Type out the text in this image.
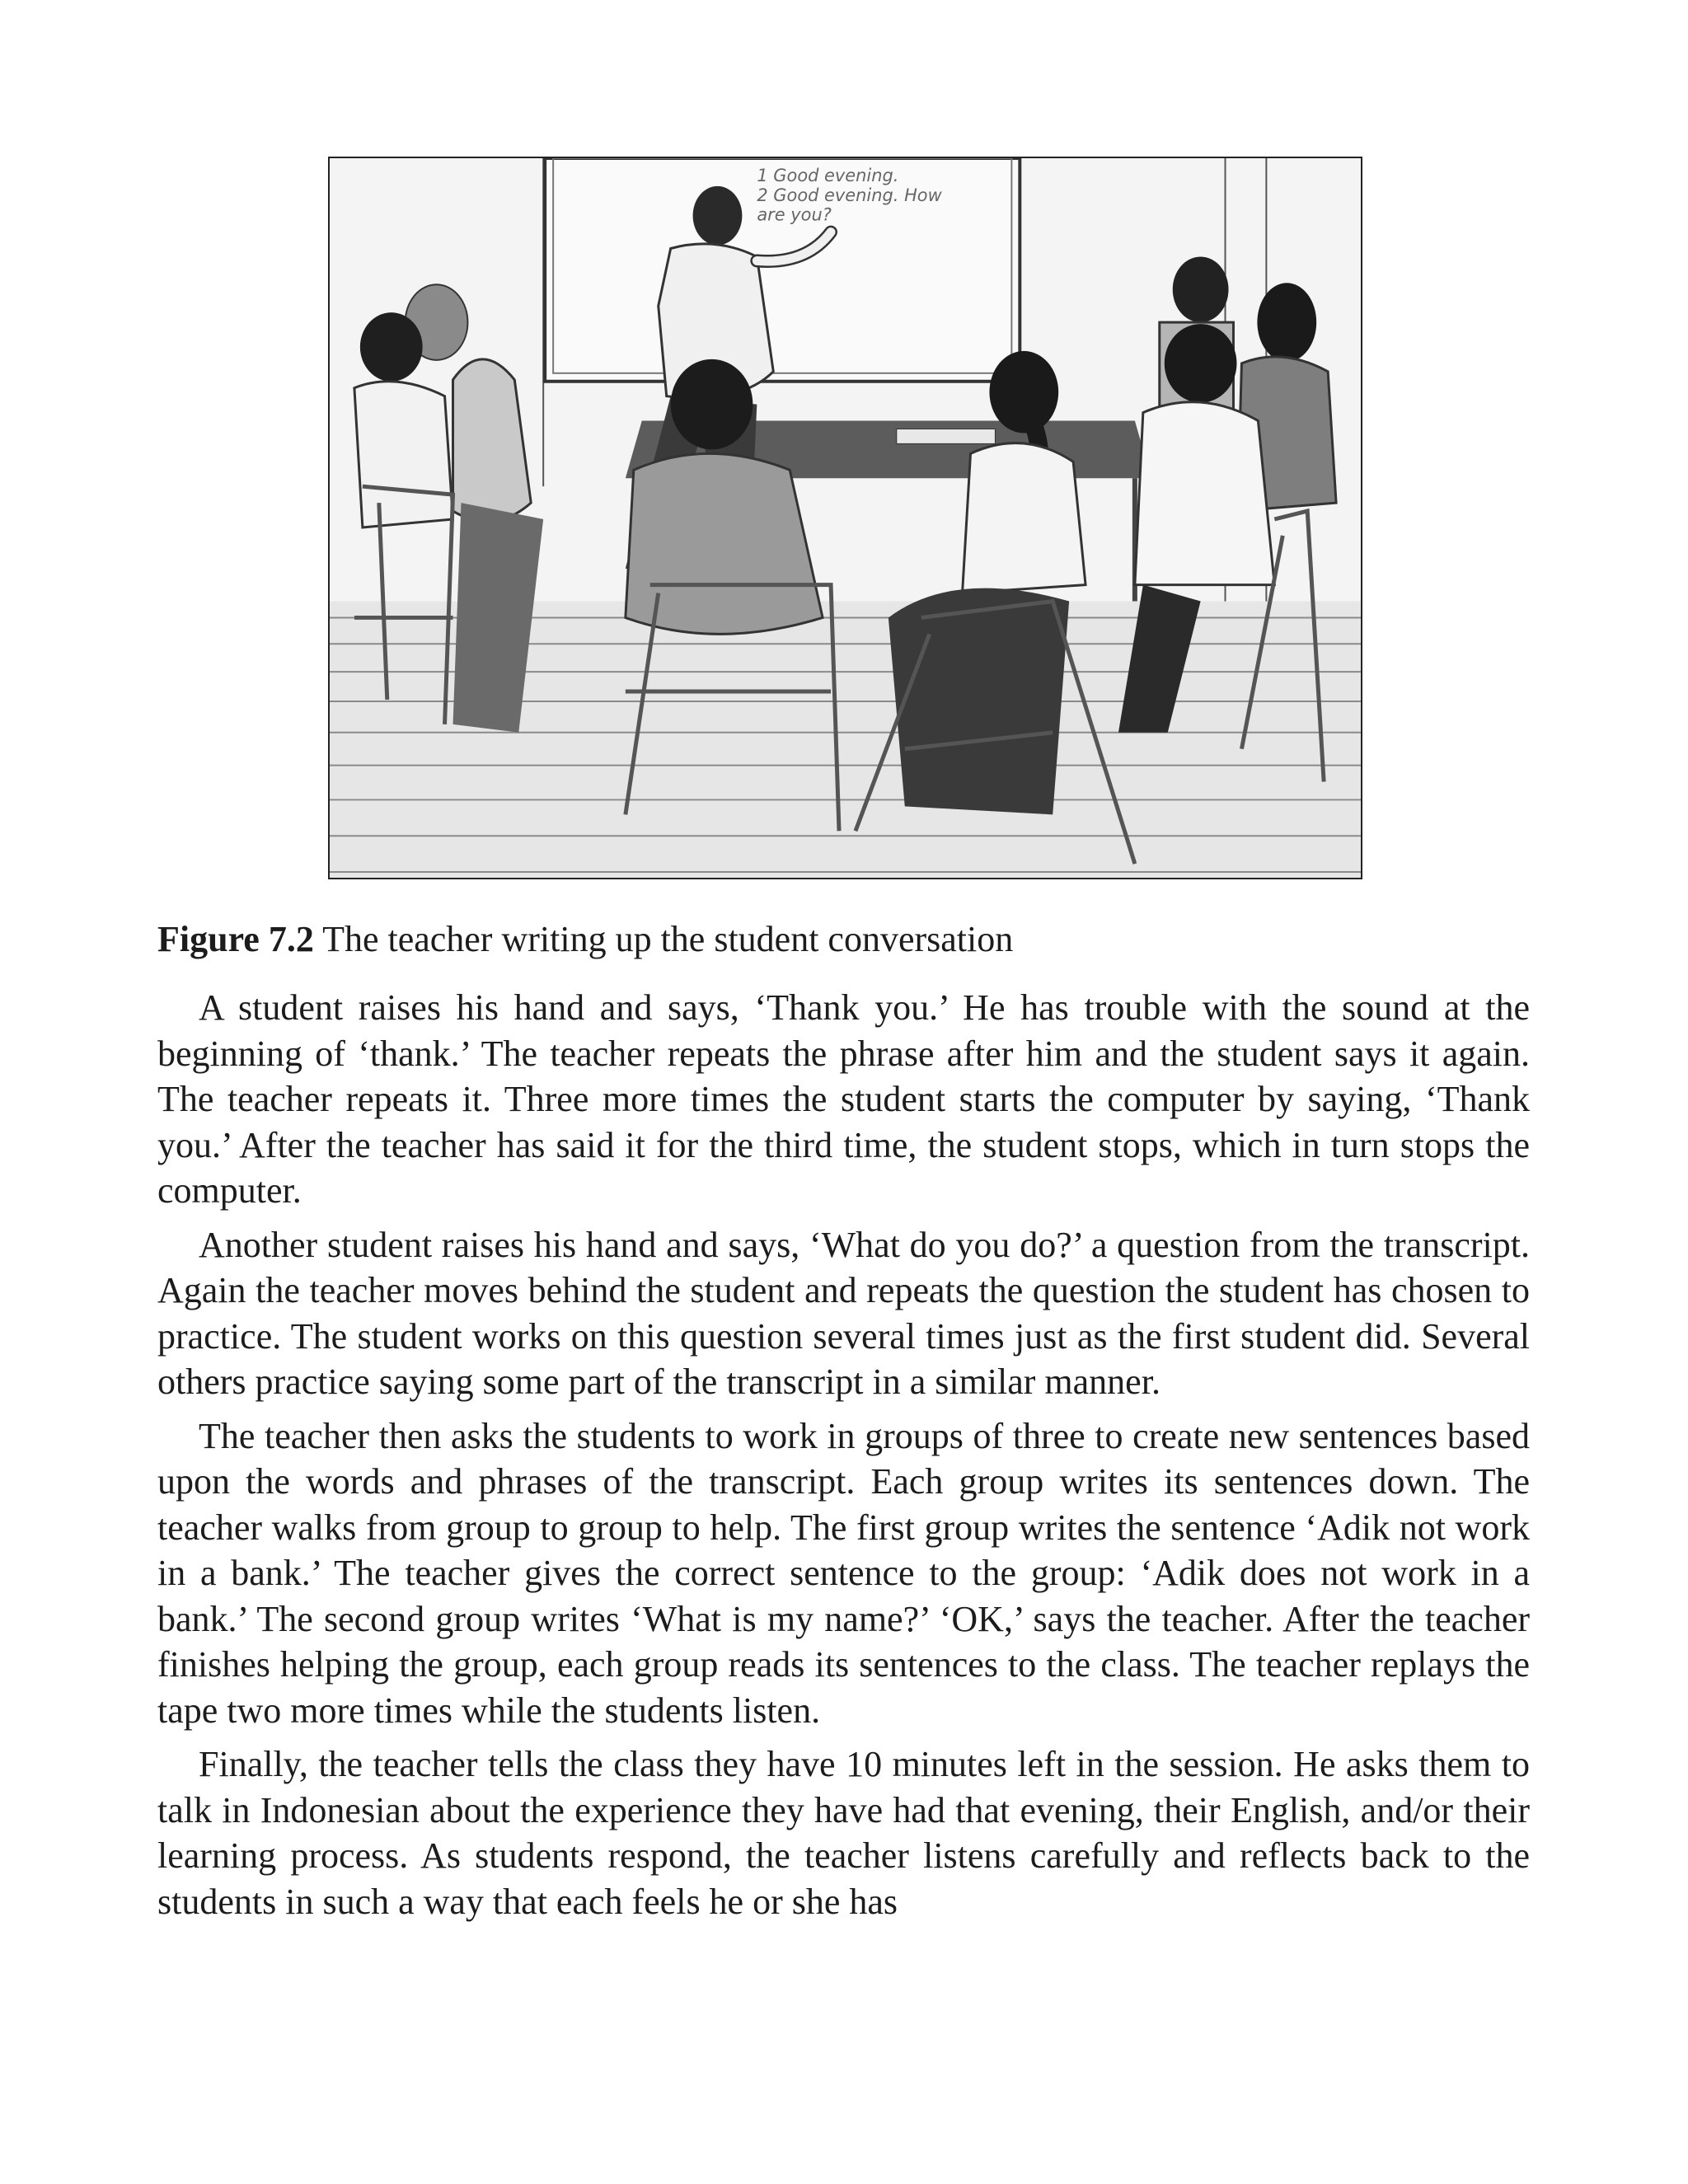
1 Good evening.
2 Good evening. How
are you?
Figure 7.2 The teacher writing up the student conversation

A student raises his hand and says, ‘Thank you.’ He has trouble with the sound at the beginning of ‘thank.’ The teacher repeats the phrase after him and the student says it again. The teacher repeats it. Three more times the student starts the computer by saying, ‘Thank you.’ After the teacher has said it for the third time, the student stops, which in turn stops the computer.

Another student raises his hand and says, ‘What do you do?’ a question from the transcript. Again the teacher moves behind the student and repeats the question the student has chosen to practice. The student works on this question several times just as the first student did. Several others practice saying some part of the transcript in a similar manner.

The teacher then asks the students to work in groups of three to create new sentences based upon the words and phrases of the transcript. Each group writes its sentences down. The teacher walks from group to group to help. The first group writes the sentence ‘Adik not work in a bank.’ The teacher gives the correct sentence to the group: ‘Adik does not work in a bank.’ The second group writes ‘What is my name?’ ‘OK,’ says the teacher. After the teacher finishes helping the group, each group reads its sentences to the class. The teacher replays the tape two more times while the students listen.

Finally, the teacher tells the class they have 10 minutes left in the session. He asks them to talk in Indonesian about the experience they have had that evening, their English, and/or their learning process. As students respond, the teacher listens carefully and reflects back to the students in such a way that each feels he or she has
